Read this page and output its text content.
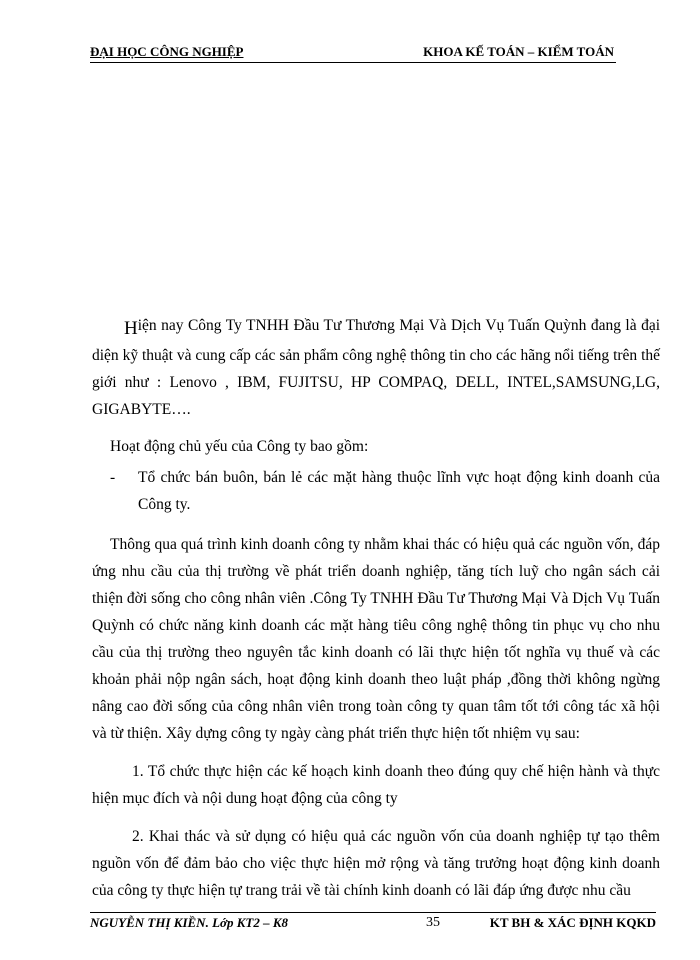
ĐẠI HỌC CÔNG NGHIỆP	KHOA KẾ TOÁN – KIỂM TOÁN

Hiện nay Công Ty TNHH Đầu Tư Thương Mại Và Dịch Vụ Tuấn Quỳnh đang là đại diện kỹ thuật và cung cấp các sản phẩm công nghệ thông tin cho các hãng nổi tiếng trên thế giới như : Lenovo , IBM, FUJITSU, HP COMPAQ, DELL, INTEL,SAMSUNG,LG, GIGABYTE….

Hoạt động chủ yếu của Công ty bao gồm:

- Tổ chức bán buôn, bán lẻ các mặt hàng thuộc lĩnh vực hoạt động kinh doanh của Công ty.

Thông qua quá trình kinh doanh công ty nhằm khai thác có hiệu quả các nguồn vốn, đáp ứng nhu cầu của thị trường về phát triển doanh nghiệp, tăng tích luỹ cho ngân sách cải thiện đời sống cho công nhân viên .Công Ty TNHH Đầu Tư Thương Mại Và Dịch Vụ Tuấn Quỳnh có chức năng kinh doanh các mặt hàng tiêu công nghệ thông tin phục vụ cho nhu cầu của thị trường theo nguyên tắc kinh doanh có lãi thực hiện tốt nghĩa vụ thuế và các khoản phải nộp ngân sách, hoạt động kinh doanh theo luật pháp ,đồng thời không ngừng nâng cao đời sống của công nhân viên trong toàn công ty quan tâm tốt tới công tác xã hội và từ thiện. Xây dựng công ty ngày càng phát triển thực hiện tốt nhiệm vụ sau:

1. Tổ chức thực hiện các kế hoạch kinh doanh theo đúng quy chế hiện hành và thực hiện mục đích và nội dung hoạt động của công ty

2. Khai thác và sử dụng có hiệu quả các nguồn vốn của doanh nghiệp tự tạo thêm nguồn vốn để đảm bảo cho việc thực hiện mở rộng và tăng trưởng hoạt động kinh doanh của công ty thực hiện tự trang trải về tài chính kinh doanh có lãi đáp ứng được nhu cầu

NGUYỄN THỊ KIỀN. Lớp KT2 – K8	35	KT BH & XÁC ĐỊNH KQKD
